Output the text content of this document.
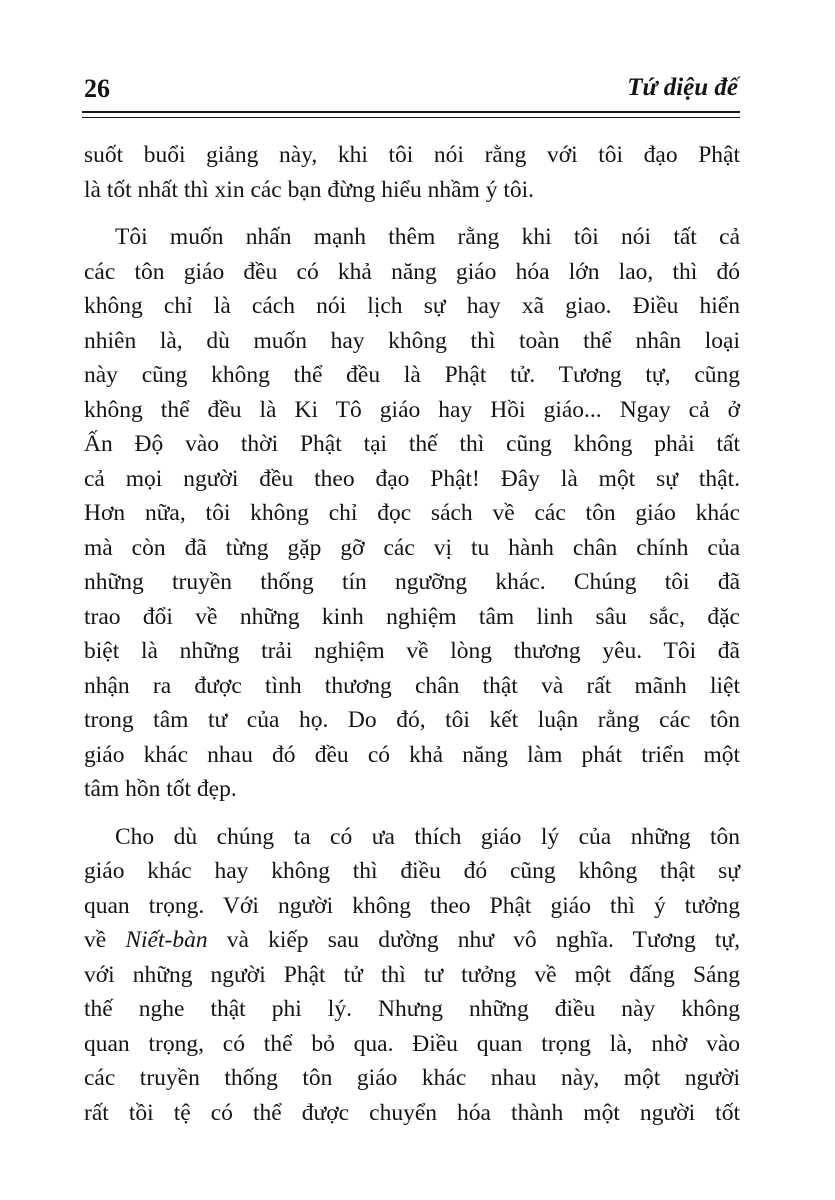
26	Tứ diệu đế
suốt buổi giảng này, khi tôi nói rằng với tôi đạo Phật
là tốt nhất thì xin các bạn đừng hiểu nhầm ý tôi.
Tôi muốn nhấn mạnh thêm rằng khi tôi nói tất cả
các tôn giáo đều có khả năng giáo hóa lớn lao, thì đó
không chỉ là cách nói lịch sự hay xã giao. Điều hiển
nhiên là, dù muốn hay không thì toàn thể nhân loại
này cũng không thể đều là Phật tử. Tương tự, cũng
không thể đều là Ki Tô giáo hay Hồi giáo... Ngay cả ở
Ấn Độ vào thời Phật tại thế thì cũng không phải tất
cả mọi người đều theo đạo Phật! Đây là một sự thật.
Hơn nữa, tôi không chỉ đọc sách về các tôn giáo khác
mà còn đã từng gặp gỡ các vị tu hành chân chính của
những truyền thống tín ngưỡng khác. Chúng tôi đã
trao đổi về những kinh nghiệm tâm linh sâu sắc, đặc
biệt là những trải nghiệm về lòng thương yêu. Tôi đã
nhận ra được tình thương chân thật và rất mãnh liệt
trong tâm tư của họ. Do đó, tôi kết luận rằng các tôn
giáo khác nhau đó đều có khả năng làm phát triển một
tâm hồn tốt đẹp.
Cho dù chúng ta có ưa thích giáo lý của những tôn
giáo khác hay không thì điều đó cũng không thật sự
quan trọng. Với người không theo Phật giáo thì ý tưởng
về Niết-bàn và kiếp sau dường như vô nghĩa. Tương tự,
với những người Phật tử thì tư tưởng về một đấng Sáng
thế nghe thật phi lý. Nhưng những điều này không
quan trọng, có thể bỏ qua. Điều quan trọng là, nhờ vào
các truyền thống tôn giáo khác nhau này, một người
rất tồi tệ có thể được chuyển hóa thành một người tốt
